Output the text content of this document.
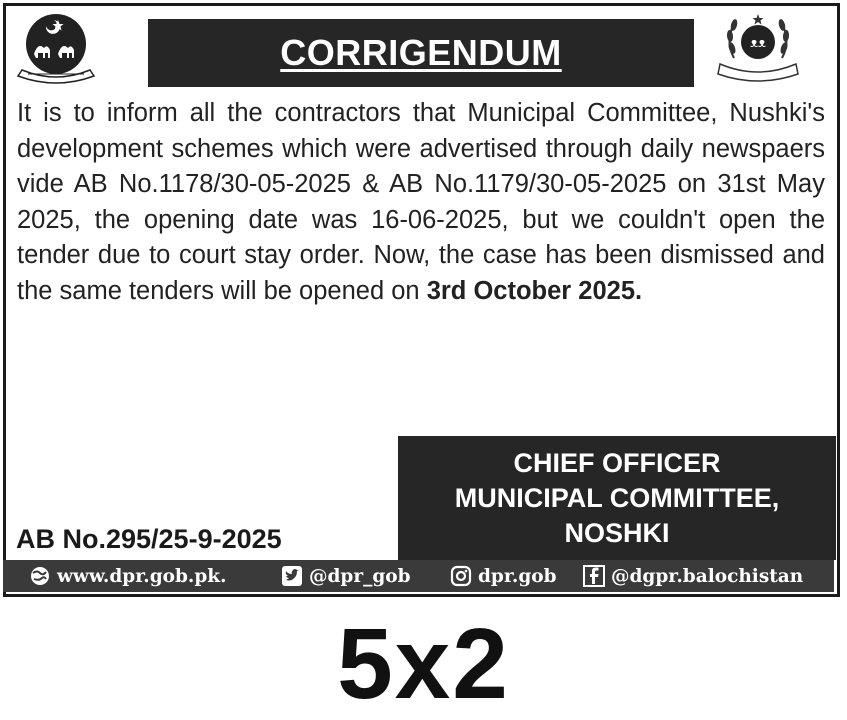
CORRIGENDUM	ᴥᴥ
It is to inform all the contractors that Municipal Committee, Nushki's development schemes which were advertised through daily newspaers vide AB No.1178/30-05-2025 & AB No.1179/30-05-2025 on 31st May 2025, the opening date was 16-06-2025, but we couldn't open the tender due to court stay order. Now, the case has been dismissed and the same tenders will be opened on 3rd October 2025.
CHIEF OFFICER
MUNICIPAL COMMITTEE,
NOSHKI
AB No.295/25-9-2025
www.dpr.gob.pk.	@dpr_gob	dpr.gob	@dgpr.balochistan
5x2
